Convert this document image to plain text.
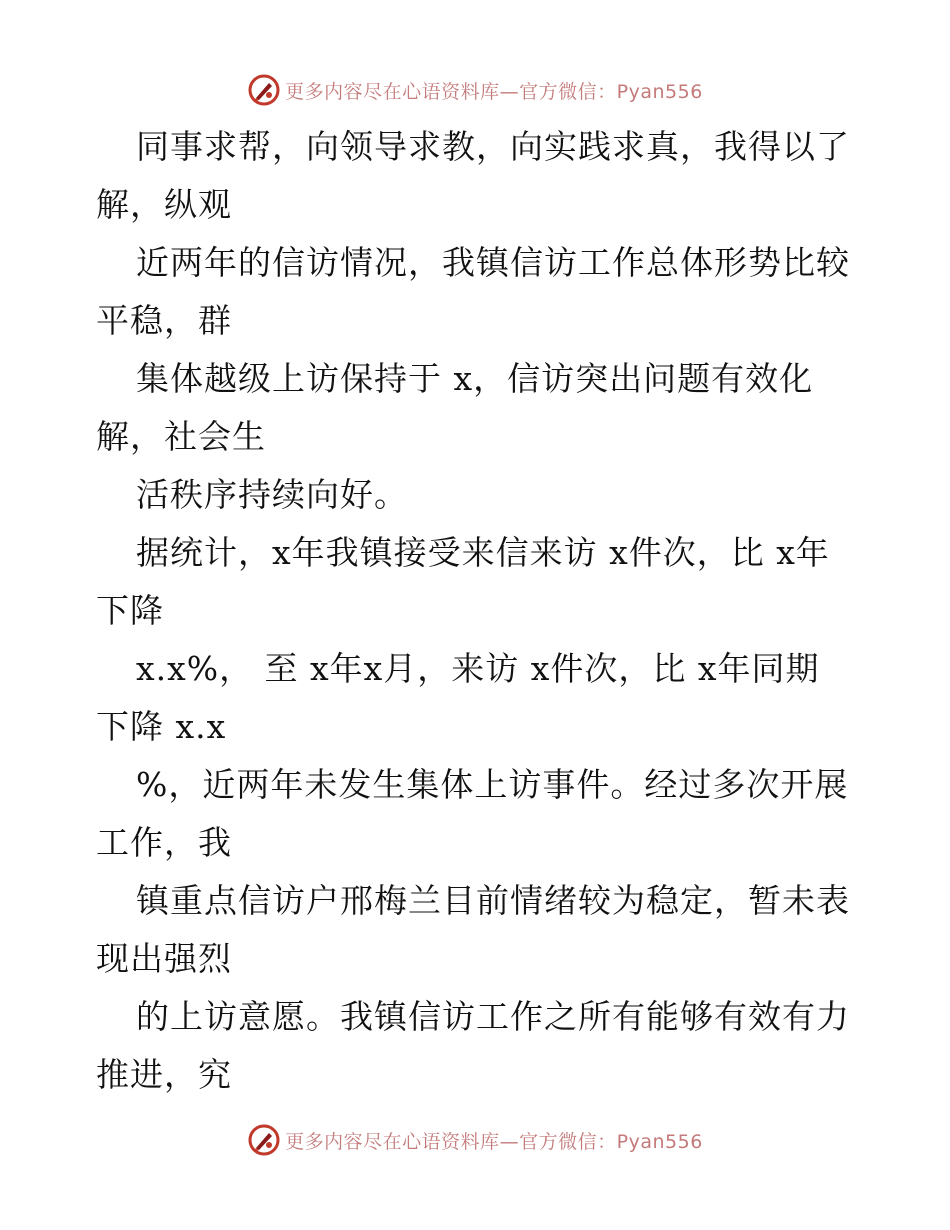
更多内容尽在心语资料库—官方微信：Pyan556
同事求帮，向领导求教，向实践求真，我得以了
解，纵观
近两年的信访情况，我镇信访工作总体形势比较
平稳，群
集体越级上访保持于 x，信访突出问题有效化
解，社会生
活秩序持续向好。
据统计，x年我镇接受来信来访 x件次，比 x年
下降
x.x%， 至 x年x月，来访 x件次，比 x年同期
下降 x.x
%，近两年未发生集体上访事件。经过多次开展
工作，我
镇重点信访户邢梅兰目前情绪较为稳定，暂未表
现出强烈
的上访意愿。我镇信访工作之所有能够有效有力
推进，究
更多内容尽在心语资料库—官方微信：Pyan556
